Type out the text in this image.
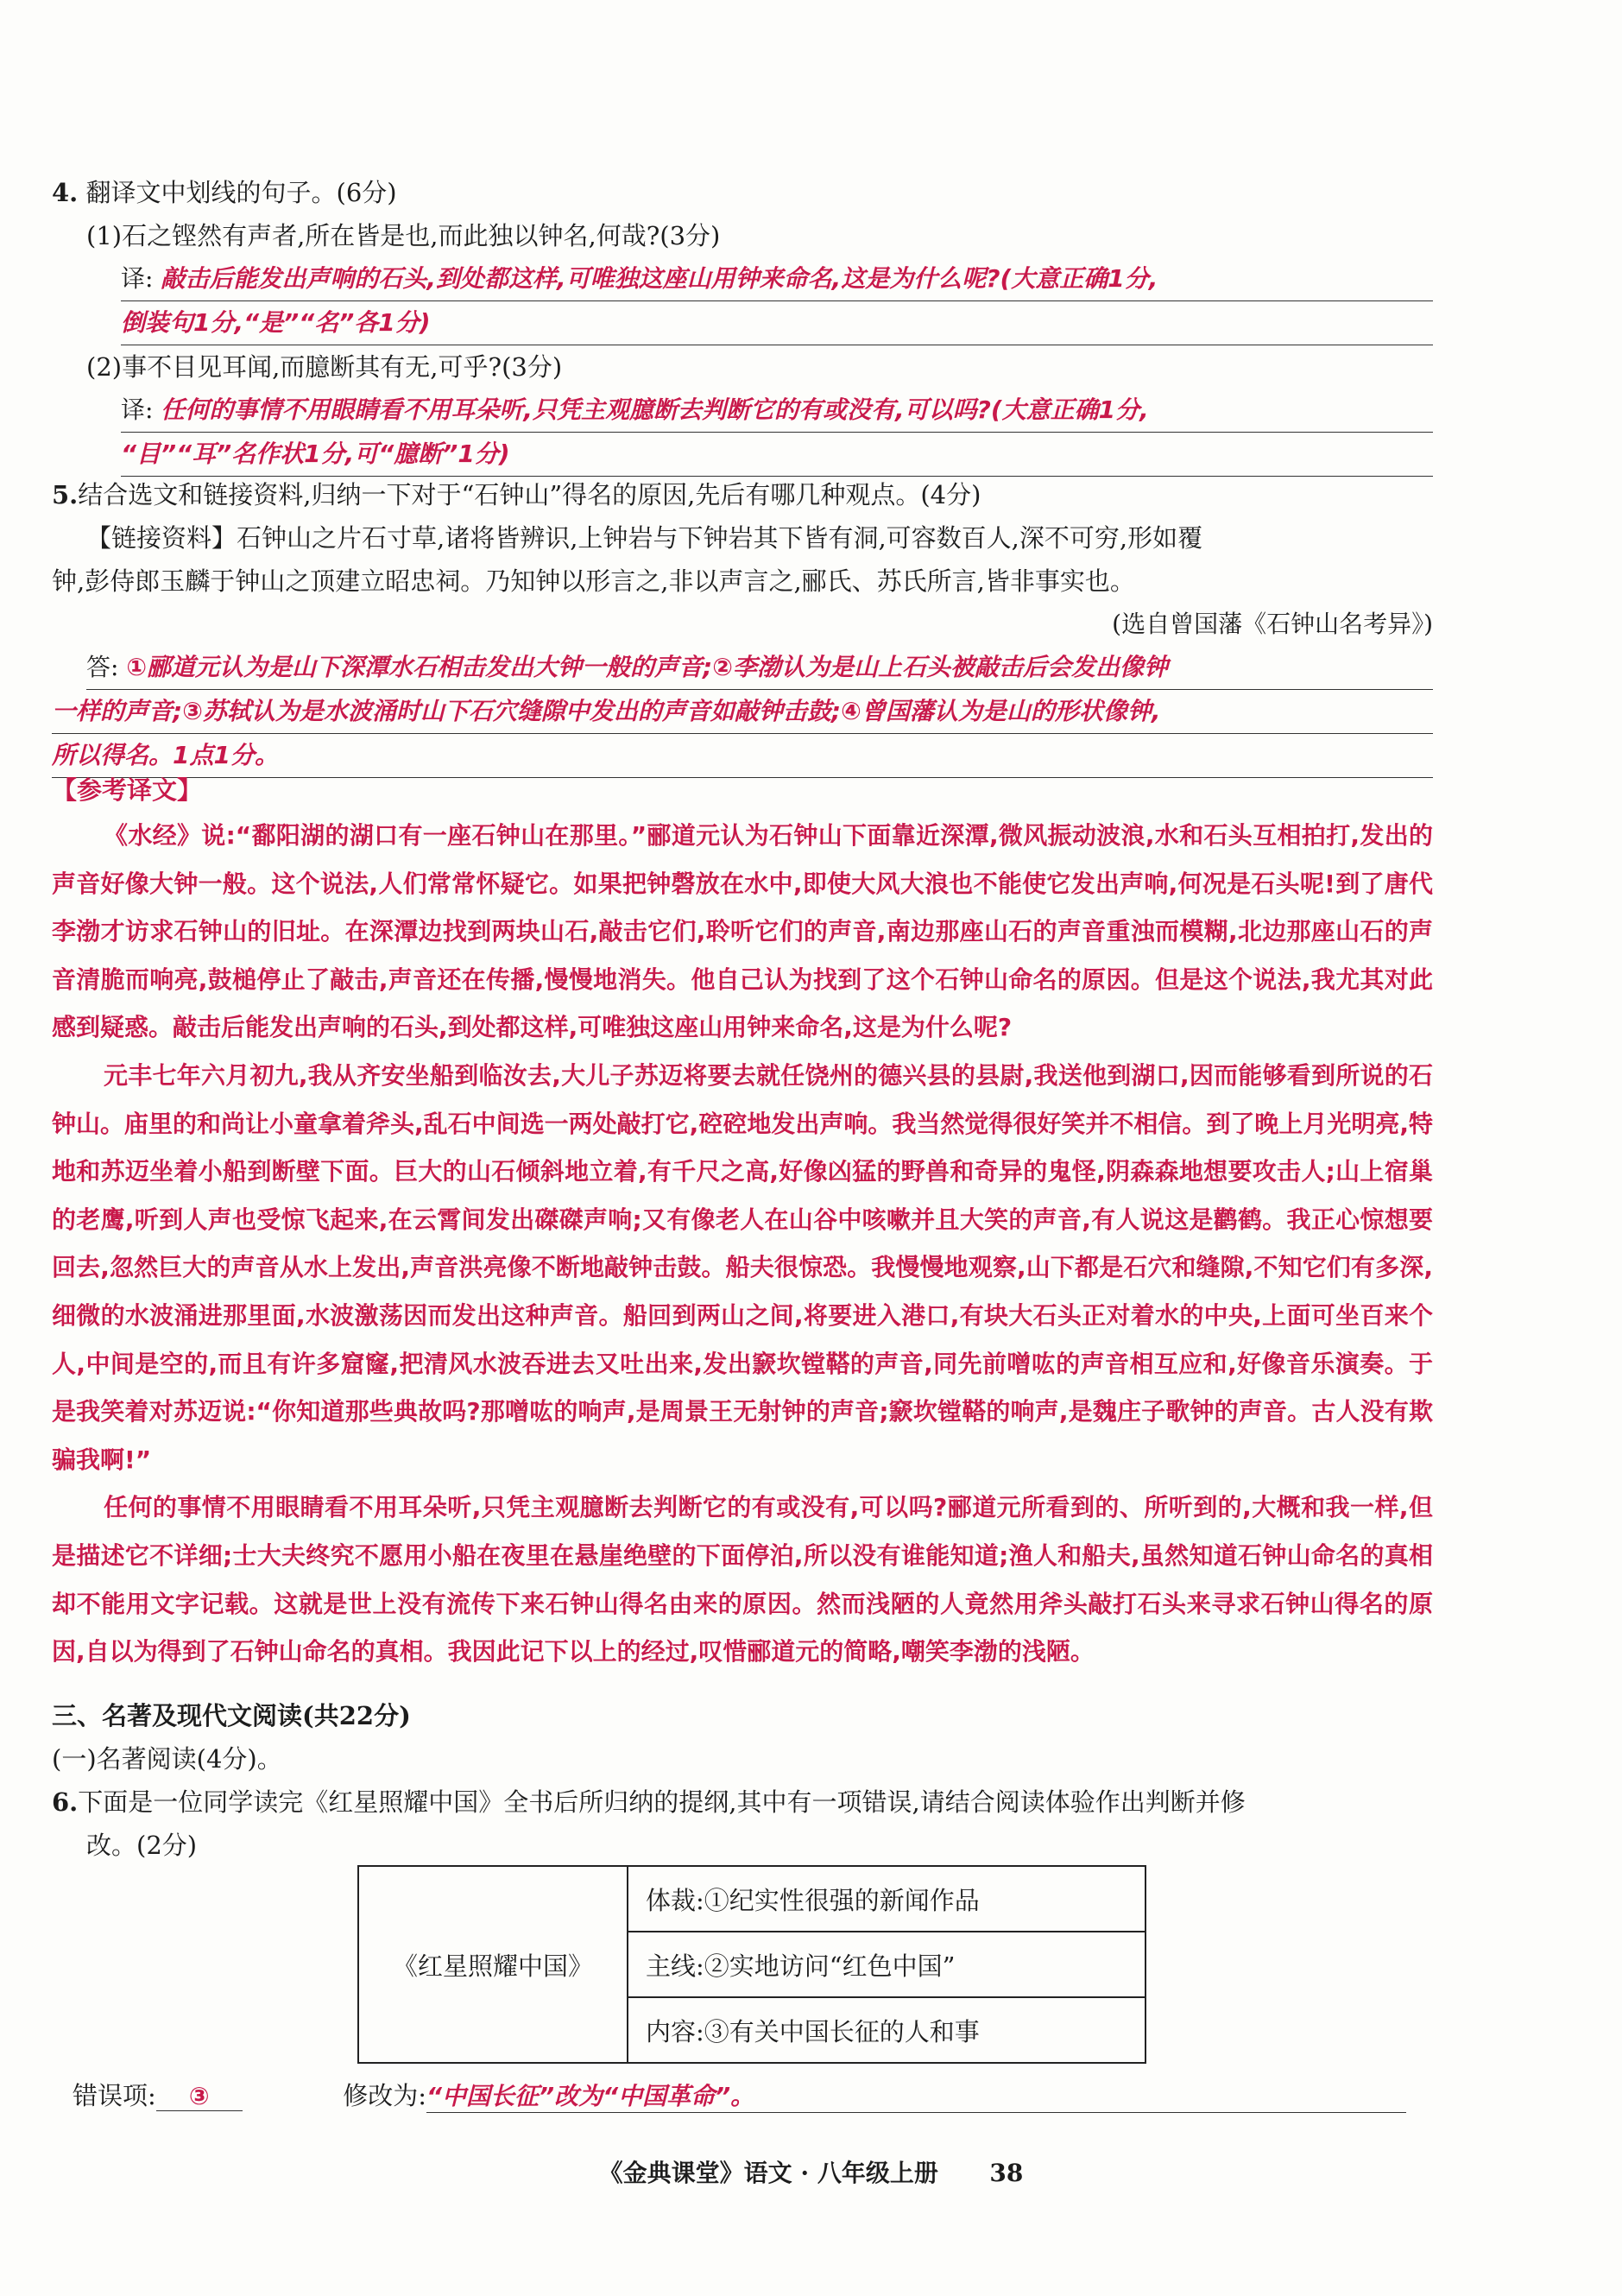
4. 翻译文中划线的句子。(6分)
(1)石之铿然有声者,所在皆是也,而此独以钟名,何哉?(3分)
译: 敲击后能发出声响的石头,到处都这样,可唯独这座山用钟来命名,这是为什么呢?(大意正确1分,
倒装句1分,“是”“名”各1分)
(2)事不目见耳闻,而臆断其有无,可乎?(3分)
译: 任何的事情不用眼睛看不用耳朵听,只凭主观臆断去判断它的有或没有,可以吗?(大意正确1分,
“目”“耳”名作状1分,可“臆断”1分)
5.结合选文和链接资料,归纳一下对于“石钟山”得名的原因,先后有哪几种观点。(4分)
【链接资料】石钟山之片石寸草,诸将皆辨识,上钟岩与下钟岩其下皆有洞,可容数百人,深不可穷,形如覆
钟,彭侍郎玉麟于钟山之顶建立昭忠祠。乃知钟以形言之,非以声言之,郦氏、苏氏所言,皆非事实也。
(选自曾国藩《石钟山名考异》)
答: ①郦道元认为是山下深潭水石相击发出大钟一般的声音;②李渤认为是山上石头被敲击后会发出像钟
一样的声音;③苏轼认为是水波涌时山下石穴缝隙中发出的声音如敲钟击鼓;④曾国藩认为是山的形状像钟,
所以得名。1点1分。
【参考译文】

《水经》说:“鄱阳湖的湖口有一座石钟山在那里。”郦道元认为石钟山下面靠近深潭,微风振动波浪,水和石头互相拍打,发出的声音好像大钟一般。这个说法,人们常常怀疑它。如果把钟磬放在水中,即使大风大浪也不能使它发出声响,何况是石头呢!到了唐代李渤才访求石钟山的旧址。在深潭边找到两块山石,敲击它们,聆听它们的声音,南边那座山石的声音重浊而模糊,北边那座山石的声音清脆而响亮,鼓槌停止了敲击,声音还在传播,慢慢地消失。他自己认为找到了这个石钟山命名的原因。但是这个说法,我尤其对此感到疑惑。敲击后能发出声响的石头,到处都这样,可唯独这座山用钟来命名,这是为什么呢?

元丰七年六月初九,我从齐安坐船到临汝去,大儿子苏迈将要去就任饶州的德兴县的县尉,我送他到湖口,因而能够看到所说的石钟山。庙里的和尚让小童拿着斧头,乱石中间选一两处敲打它,硿硿地发出声响。我当然觉得很好笑并不相信。到了晚上月光明亮,特地和苏迈坐着小船到断壁下面。巨大的山石倾斜地立着,有千尺之高,好像凶猛的野兽和奇异的鬼怪,阴森森地想要攻击人;山上宿巢的老鹰,听到人声也受惊飞起来,在云霄间发出磔磔声响;又有像老人在山谷中咳嗽并且大笑的声音,有人说这是鹳鹤。我正心惊想要回去,忽然巨大的声音从水上发出,声音洪亮像不断地敲钟击鼓。船夫很惊恐。我慢慢地观察,山下都是石穴和缝隙,不知它们有多深,细微的水波涌进那里面,水波激荡因而发出这种声音。船回到两山之间,将要进入港口,有块大石头正对着水的中央,上面可坐百来个人,中间是空的,而且有许多窟窿,把清风水波吞进去又吐出来,发出窾坎镗鞳的声音,同先前噌吰的声音相互应和,好像音乐演奏。于是我笑着对苏迈说:“你知道那些典故吗?那噌吰的响声,是周景王无射钟的声音;窾坎镗鞳的响声,是魏庄子歌钟的声音。古人没有欺骗我啊!”

任何的事情不用眼睛看不用耳朵听,只凭主观臆断去判断它的有或没有,可以吗?郦道元所看到的、所听到的,大概和我一样,但是描述它不详细;士大夫终究不愿用小船在夜里在悬崖绝壁的下面停泊,所以没有谁能知道;渔人和船夫,虽然知道石钟山命名的真相却不能用文字记载。这就是世上没有流传下来石钟山得名由来的原因。然而浅陋的人竟然用斧头敲打石头来寻求石钟山得名的原因,自以为得到了石钟山命名的真相。我因此记下以上的经过,叹惜郦道元的简略,嘲笑李渤的浅陋。

三、名著及现代文阅读(共22分)
(一)名著阅读(4分)。
6.下面是一位同学读完《红星照耀中国》全书后所归纳的提纲,其中有一项错误,请结合阅读体验作出判断并修
改。(2分)
《红星照耀中国》	体裁:①纪实性很强的新闻作品
主线:②实地访问“红色中国”
内容:③有关中国长征的人和事
错误项: ③	修改为:“中国长征”改为“中国革命”。
《金典课堂》语文 · 八年级上册 38
